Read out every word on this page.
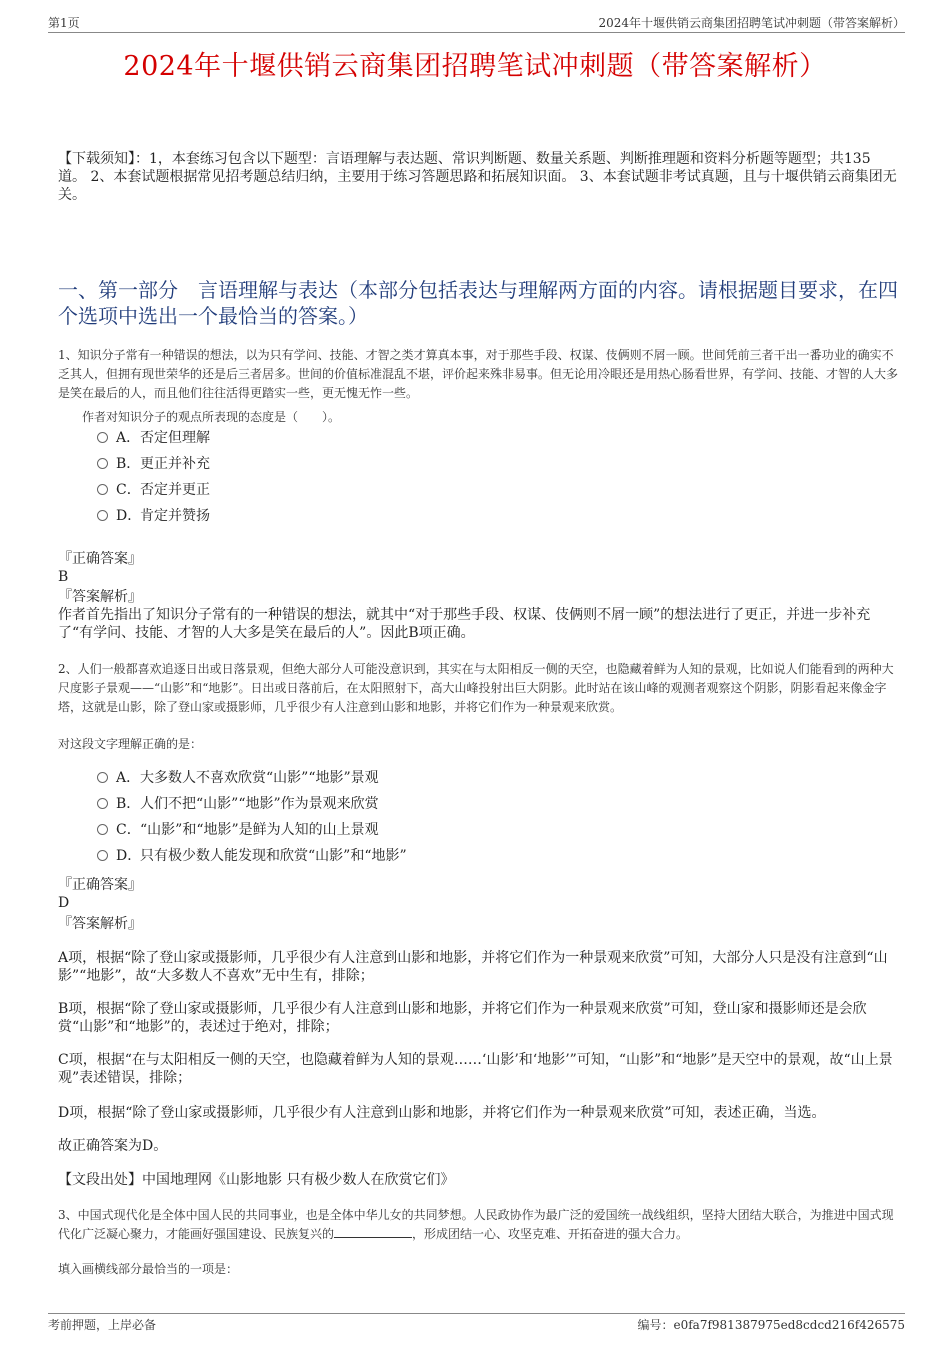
第1页	2024年十堰供销云商集团招聘笔试冲刺题（带答案解析）
2024年十堰供销云商集团招聘笔试冲刺题（带答案解析）
【下载须知】：1，本套练习包含以下题型：言语理解与表达题、常识判断题、数量关系题、判断推理题和资料分析题等题型；共135道。 2、本套试题根据常见招考题总结归纳，主要用于练习答题思路和拓展知识面。 3、本套试题非考试真题，且与十堰供销云商集团无关。
一、第一部分　言语理解与表达（本部分包括表达与理解两方面的内容。请根据题目要求，在四个选项中选出一个最恰当的答案。）
1、知识分子常有一种错误的想法，以为只有学问、技能、才智之类才算真本事，对于那些手段、权谋、伎俩则不屑一顾。世间凭前三者干出一番功业的确实不乏其人，但拥有现世荣华的还是后三者居多。世间的价值标准混乱不堪，评价起来殊非易事。但无论用冷眼还是用热心肠看世界，有学问、技能、才智的人大多是笑在最后的人，而且他们往往活得更踏实一些，更无愧无怍一些。
作者对知识分子的观点所表现的态度是（　　）。
A．否定但理解
B．更正并补充
C．否定并更正
D．肯定并赞扬
『正确答案』
B
『答案解析』
作者首先指出了知识分子常有的一种错误的想法，就其中“对于那些手段、权谋、伎俩则不屑一顾”的想法进行了更正，并进一步补充了“有学问、技能、才智的人大多是笑在最后的人”。因此B项正确。
2、人们一般都喜欢追逐日出或日落景观，但绝大部分人可能没意识到，其实在与太阳相反一侧的天空，也隐藏着鲜为人知的景观，比如说人们能看到的两种大尺度影子景观——“山影”和“地影”。日出或日落前后，在太阳照射下，高大山峰投射出巨大阴影。此时站在该山峰的观测者观察这个阴影，阴影看起来像金字塔，这就是山影，除了登山家或摄影师，几乎很少有人注意到山影和地影，并将它们作为一种景观来欣赏。
对这段文字理解正确的是：
A．大多数人不喜欢欣赏“山影”“地影”景观
B．人们不把“山影”“地影”作为景观来欣赏
C．“山影”和“地影”是鲜为人知的山上景观
D．只有极少数人能发现和欣赏“山影”和“地影”
『正确答案』
D
『答案解析』
A项，根据“除了登山家或摄影师，几乎很少有人注意到山影和地影，并将它们作为一种景观来欣赏”可知，大部分人只是没有注意到“山影”“地影”，故“大多数人不喜欢”无中生有，排除；
B项，根据“除了登山家或摄影师，几乎很少有人注意到山影和地影，并将它们作为一种景观来欣赏”可知，登山家和摄影师还是会欣赏“山影”和“地影”的，表述过于绝对，排除；
C项，根据“在与太阳相反一侧的天空，也隐藏着鲜为人知的景观……‘山影’和‘地影’”可知，“山影”和“地影”是天空中的景观，故“山上景观”表述错误，排除；
D项，根据“除了登山家或摄影师，几乎很少有人注意到山影和地影，并将它们作为一种景观来欣赏”可知，表述正确，当选。
故正确答案为D。
【文段出处】中国地理网《山影地影 只有极少数人在欣赏它们》
3、中国式现代化是全体中国人民的共同事业，也是全体中华儿女的共同梦想。人民政协作为最广泛的爱国统一战线组织，坚持大团结大联合，为推进中国式现代化广泛凝心聚力，才能画好强国建设、民族复兴的	，形成团结一心、攻坚克难、开拓奋进的强大合力。
填入画横线部分最恰当的一项是：
考前押题，上岸必备	编号：e0fa7f981387975ed8cdcd216f426575
